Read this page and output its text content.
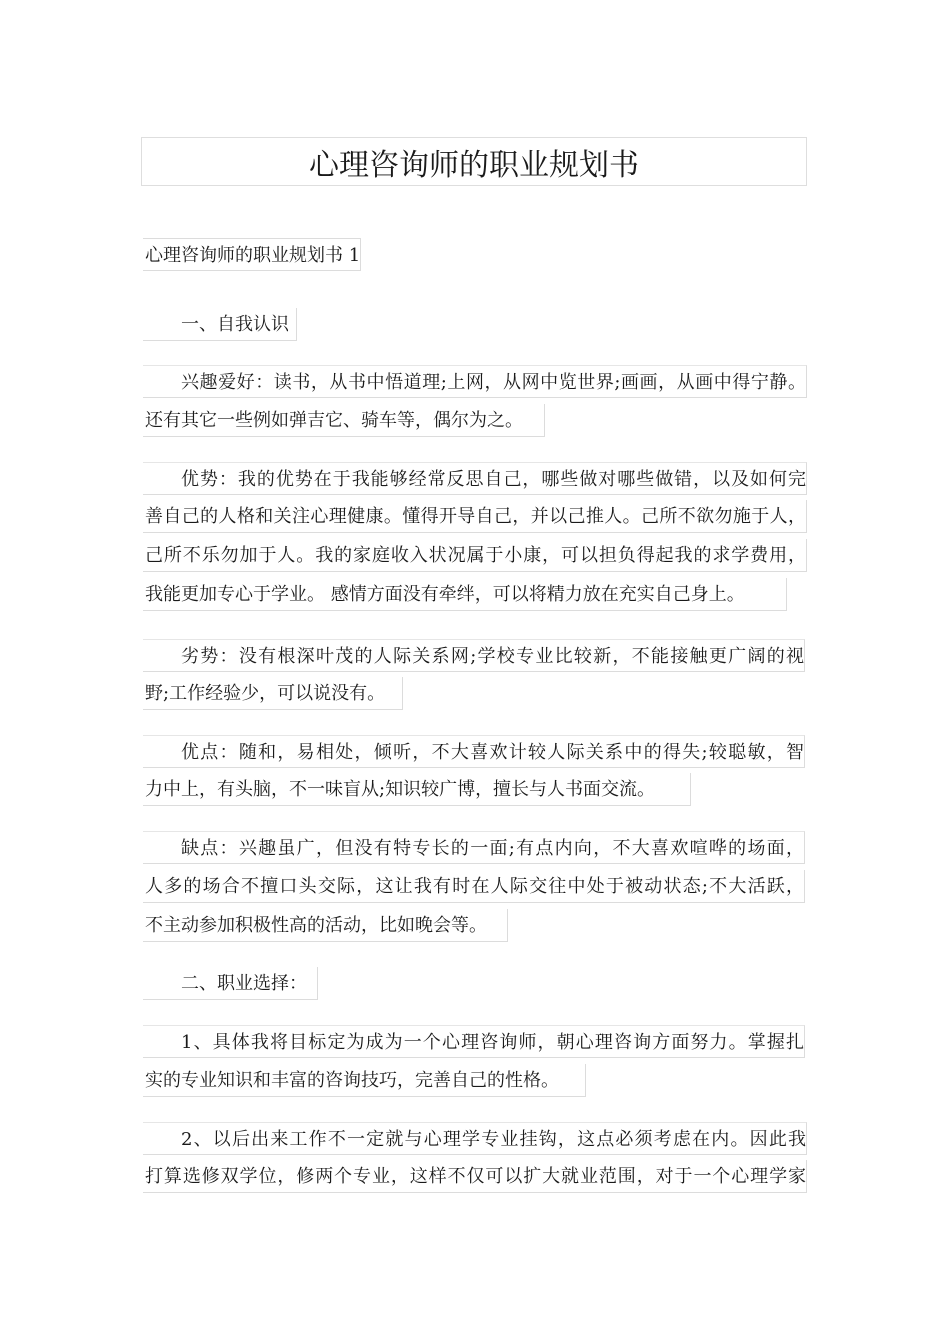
心理咨询师的职业规划书
心理咨询师的职业规划书 1
一、自我认识
兴趣爱好：读书，从书中悟道理;上网，从网中览世界;画画，从画中得宁静。
还有其它一些例如弹吉它、骑车等，偶尔为之。
优势：我的优势在于我能够经常反思自己，哪些做对哪些做错，以及如何完
善自己的人格和关注心理健康。懂得开导自己，并以己推人。己所不欲勿施于人，
己所不乐勿加于人。我的家庭收入状况属于小康，可以担负得起我的求学费用，
我能更加专心于学业。 感情方面没有牵绊，可以将精力放在充实自己身上。
劣势：没有根深叶茂的人际关系网;学校专业比较新，不能接触更广阔的视
野;工作经验少，可以说没有。
优点：随和，易相处，倾听，不大喜欢计较人际关系中的得失;较聪敏，智
力中上，有头脑，不一味盲从;知识较广博，擅长与人书面交流。
缺点：兴趣虽广，但没有特专长的一面;有点内向，不大喜欢喧哗的场面，
人多的场合不擅口头交际，这让我有时在人际交往中处于被动状态;不大活跃，
不主动参加积极性高的活动，比如晚会等。
二、职业选择：
1、具体我将目标定为成为一个心理咨询师，朝心理咨询方面努力。掌握扎
实的专业知识和丰富的咨询技巧，完善自己的性格。
2、以后出来工作不一定就与心理学专业挂钩，这点必须考虑在内。因此我
打算选修双学位，修两个专业，这样不仅可以扩大就业范围，对于一个心理学家
